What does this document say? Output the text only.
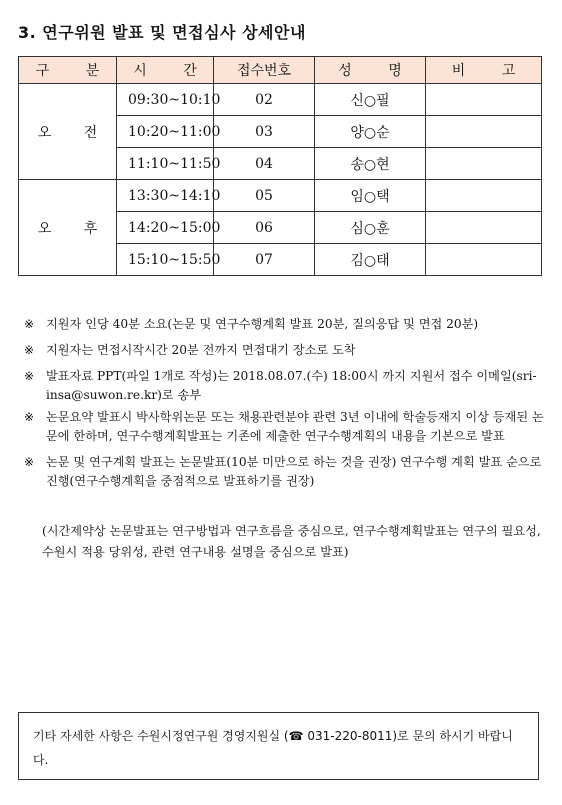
3. 연구위원 발표 및 면접심사 상세안내
구 분	시 간	접수번호	성 명	비 고
오 전	09:30~10:10	02	신○필	
	10:20~11:00	03	양○순	
	11:10~11:50	04	송○현	
오 후	13:30~14:10	05	임○택	
	14:20~15:00	06	심○훈	
	15:10~15:50	07	김○태	
※ 지원자 인당 40분 소요(논문 및 연구수행계획 발표 20분, 질의응답 및 면접 20분)
※ 지원자는 면접시작시간 20분 전까지 면접대기 장소로 도착
※ 발표자료 PPT(파일 1개로 작성)는 2018.08.07.(수) 18:00시 까지 지원서 접수 이메일(sri-insa@suwon.re.kr)로 송부
※ 논문요약 발표시 박사학위논문 또는 채용관련분야 관련 3년 이내에 학술등재지 이상 등재된 논문에 한하며, 연구수행계획발표는 기존에 제출한 연구수행계획의 내용을 기본으로 발표
※ 논문 및 연구계획 발표는 논문발표(10분 미만으로 하는 것을 권장) 연구수행 계획 발표 순으로 진행(연구수행계획을 중점적으로 발표하기를 권장)

(시간제약상 논문발표는 연구방법과 연구흐름을 중심으로, 연구수행계획발표는 연구의 필요성, 수원시 적용 당위성, 관련 연구내용 설명을 중심으로 발표)

기타 자세한 사항은 수원시정연구원 경영지원실 (☎ 031-220-8011)로 문의 하시기 바랍니다.
